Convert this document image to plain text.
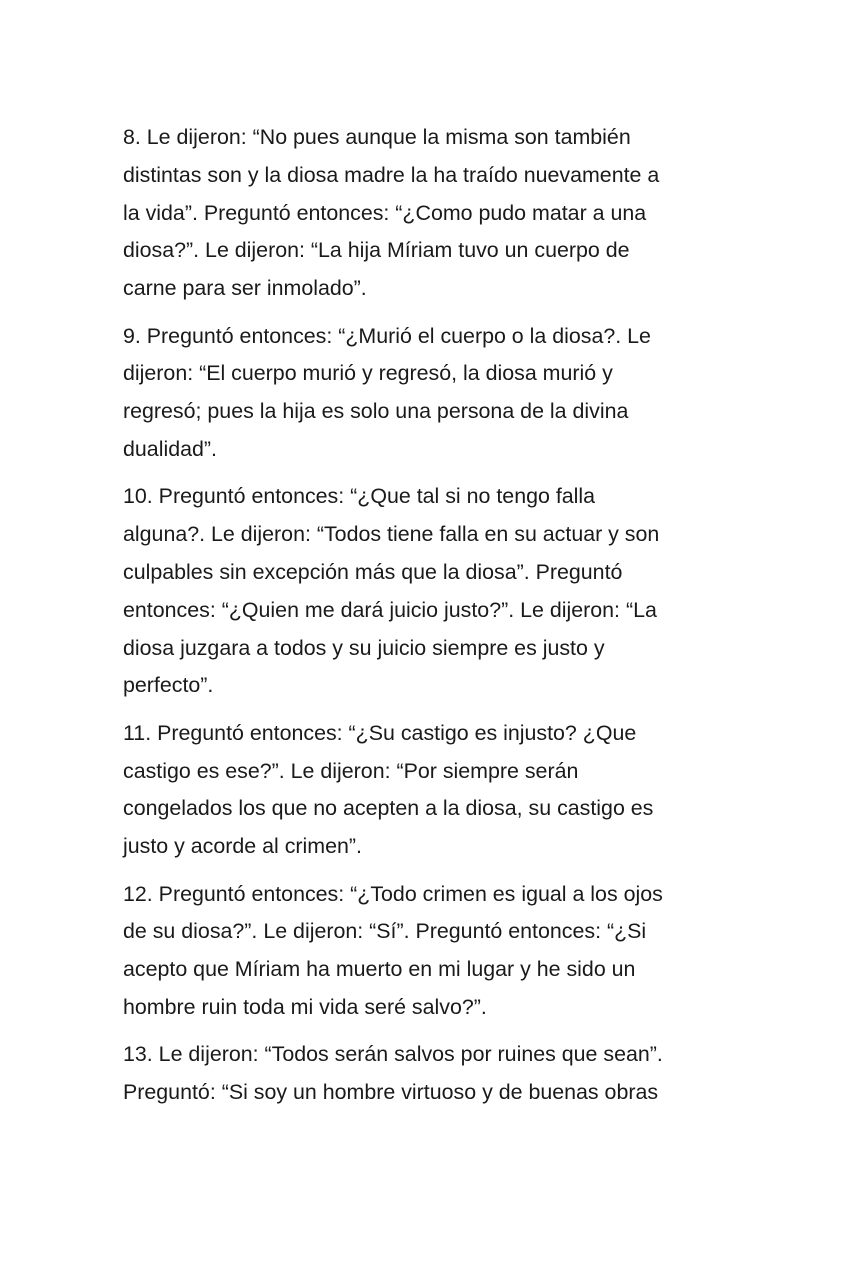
8. Le dijeron: “No pues aunque la misma son también
distintas son y la diosa madre la ha traído nuevamente a
la vida”. Preguntó entonces: “¿Como pudo matar a una
diosa?”. Le dijeron: “La hija Míriam tuvo un cuerpo de
carne para ser inmolado”.

9. Preguntó entonces: “¿Murió el cuerpo o la diosa?. Le
dijeron: “El cuerpo murió y regresó, la diosa murió y
regresó; pues la hija es solo una persona de la divina
dualidad”.

10. Preguntó entonces: “¿Que tal si no tengo falla
alguna?. Le dijeron: “Todos tiene falla en su actuar y son
culpables sin excepción más que la diosa”. Preguntó
entonces: “¿Quien me dará juicio justo?”. Le dijeron: “La
diosa juzgara a todos y su juicio siempre es justo y
perfecto”.

11. Preguntó entonces: “¿Su castigo es injusto? ¿Que
castigo es ese?”. Le dijeron: “Por siempre serán
congelados los que no acepten a la diosa, su castigo es
justo y acorde al crimen”.

12. Preguntó entonces: “¿Todo crimen es igual a los ojos
de su diosa?”. Le dijeron: “Sí”. Preguntó entonces: “¿Si
acepto que Míriam ha muerto en mi lugar y he sido un
hombre ruin toda mi vida seré salvo?”.

13. Le dijeron: “Todos serán salvos por ruines que sean”.
Preguntó: “Si soy un hombre virtuoso y de buenas obras
